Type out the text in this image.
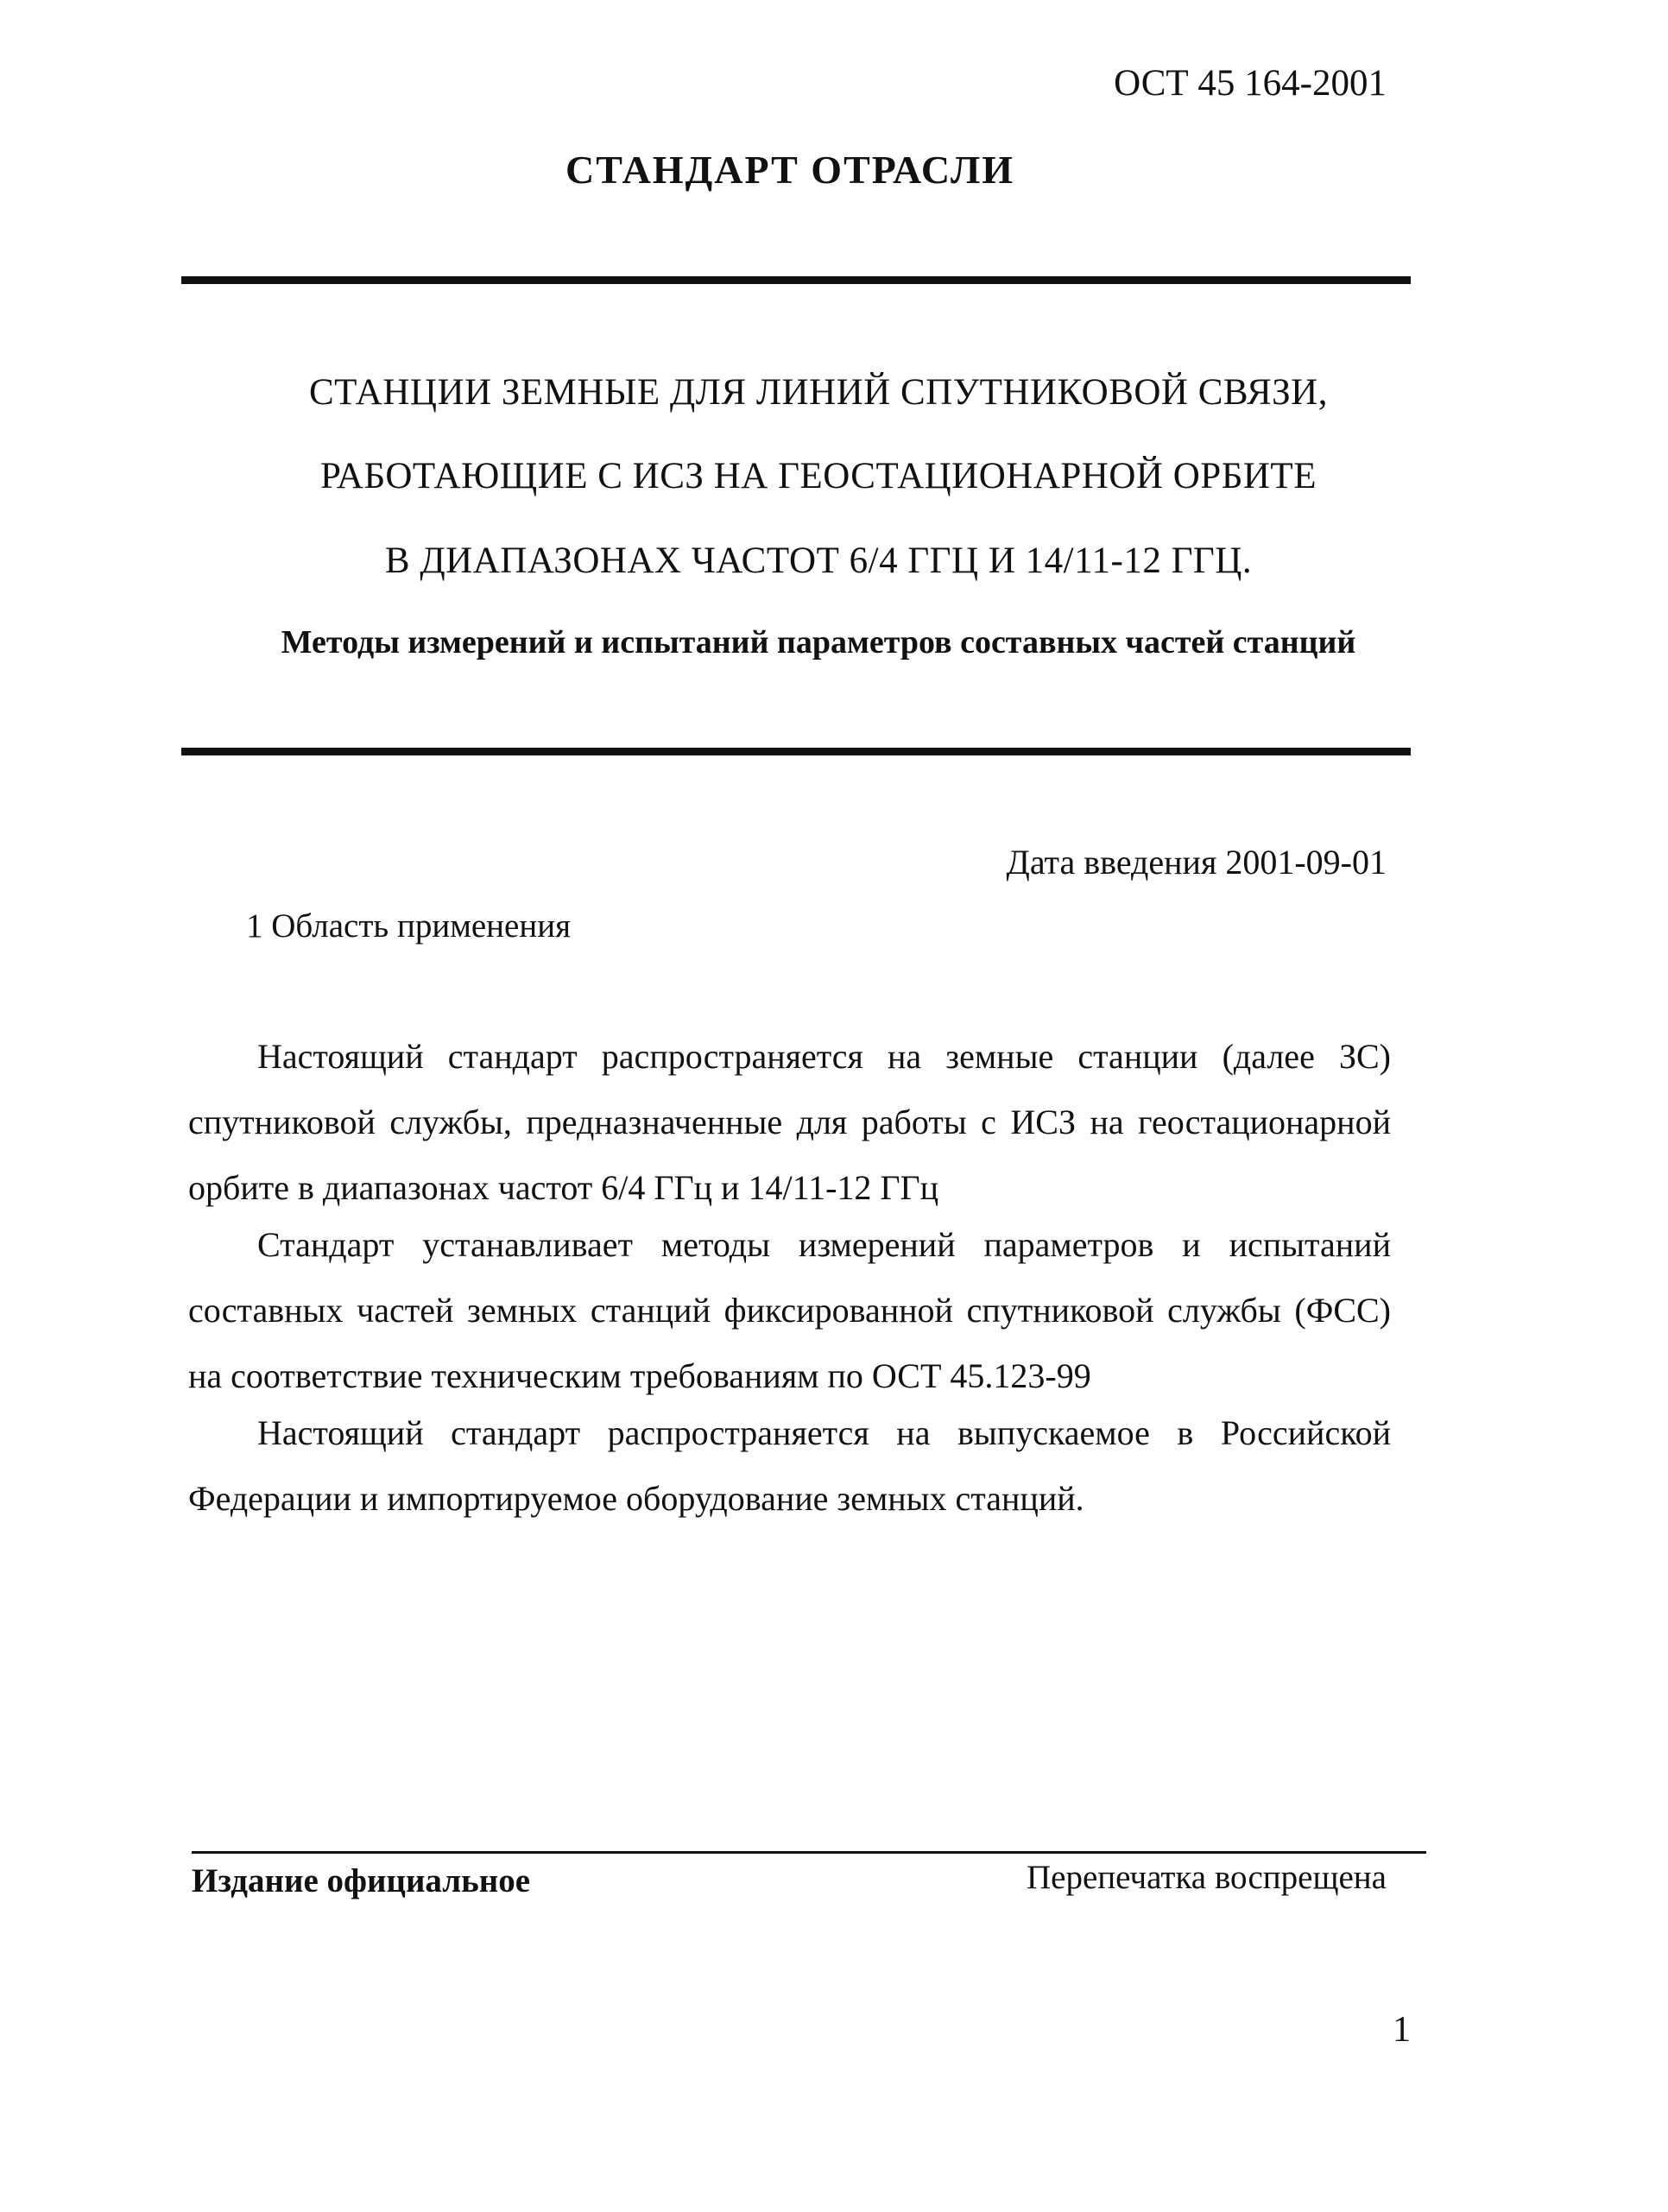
ОСТ 45 164-2001
СТАНДАРТ ОТРАСЛИ
СТАНЦИИ ЗЕМНЫЕ ДЛЯ ЛИНИЙ СПУТНИКОВОЙ СВЯЗИ,
РАБОТАЮЩИЕ С ИСЗ НА ГЕОСТАЦИОНАРНОЙ ОРБИТЕ
В ДИАПАЗОНАХ ЧАСТОТ 6/4 ГГЦ И 14/11-12 ГГЦ.
Методы измерений и испытаний параметров составных частей станций
Дата введения 2001-09-01
1 Область применения
Настоящий стандарт распространяется на земные станции (далее ЗС) спутниковой службы, предназначенные для работы с ИСЗ на геостационарной орбите в диапазонах частот 6/4 ГГц и 14/11-12 ГГц
Стандарт устанавливает методы измерений параметров и испытаний составных частей земных станций фиксированной спутниковой службы (ФСС) на соответствие техническим требованиям по ОСТ 45.123-99
Настоящий стандарт распространяется на выпускаемое в Российской Федерации и импортируемое оборудование земных станций.
Издание официальное	Перепечатка воспрещена
1
